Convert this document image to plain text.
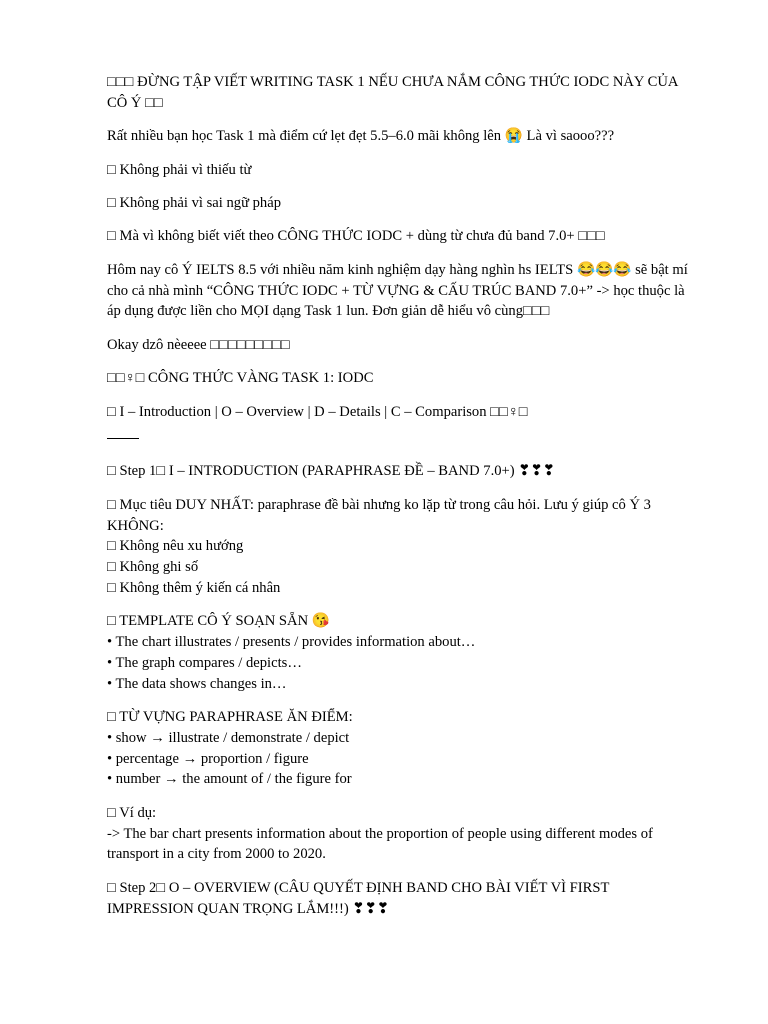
□□□ ĐỪNG TẬP VIẾT WRITING TASK 1 NẾU CHƯA NẮM CÔNG THỨC IODC NÀY CỦA CÔ Ý □□
Rất nhiều bạn học Task 1 mà điểm cứ lẹt đẹt 5.5–6.0 mãi không lên 😭 Là vì saooo???
□ Không phải vì thiếu từ
□ Không phải vì sai ngữ pháp
□ Mà vì không biết viết theo CÔNG THỨC IODC + dùng từ chưa đủ band 7.0+ □□□
Hôm nay cô Ý IELTS 8.5 với nhiều năm kinh nghiệm dạy hàng nghìn hs IELTS 😂😂😂 sẽ bật mí cho cả nhà mình “CÔNG THỨC IODC + TỪ VỰNG & CẤU TRÚC BAND 7.0+” -> học thuộc là áp dụng được liền cho MỌI dạng Task 1 lun. Đơn giản dễ hiểu vô cùng□□□
Okay dzô nèeeee □□□□□□□□□
□□♀□ CÔNG THỨC VÀNG TASK 1: IODC
□ I – Introduction | O – Overview | D – Details | C – Comparison □□♀□
□ Step 1□ I – INTRODUCTION (PARAPHRASE ĐỀ – BAND 7.0+) ❣❣❣
□ Mục tiêu DUY NHẤT: paraphrase đề bài nhưng ko lặp từ trong câu hỏi. Lưu ý giúp cô Ý 3 KHÔNG:
□ Không nêu xu hướng
□ Không ghi số
□ Không thêm ý kiến cá nhân
□ TEMPLATE CÔ Ý SOẠN SẴN 😘
• The chart illustrates / presents / provides information about…
• The graph compares / depicts…
• The data shows changes in…
□ TỪ VỰNG PARAPHRASE ĂN ĐIỂM:
• show → illustrate / demonstrate / depict
• percentage → proportion / figure
• number → the amount of / the figure for
□ Ví dụ:
-> The bar chart presents information about the proportion of people using different modes of transport in a city from 2000 to 2020.
□ Step 2□ O – OVERVIEW (CÂU QUYẾT ĐỊNH BAND CHO BÀI VIẾT VÌ FIRST IMPRESSION QUAN TRỌNG LẮM!!!) ❣❣❣
